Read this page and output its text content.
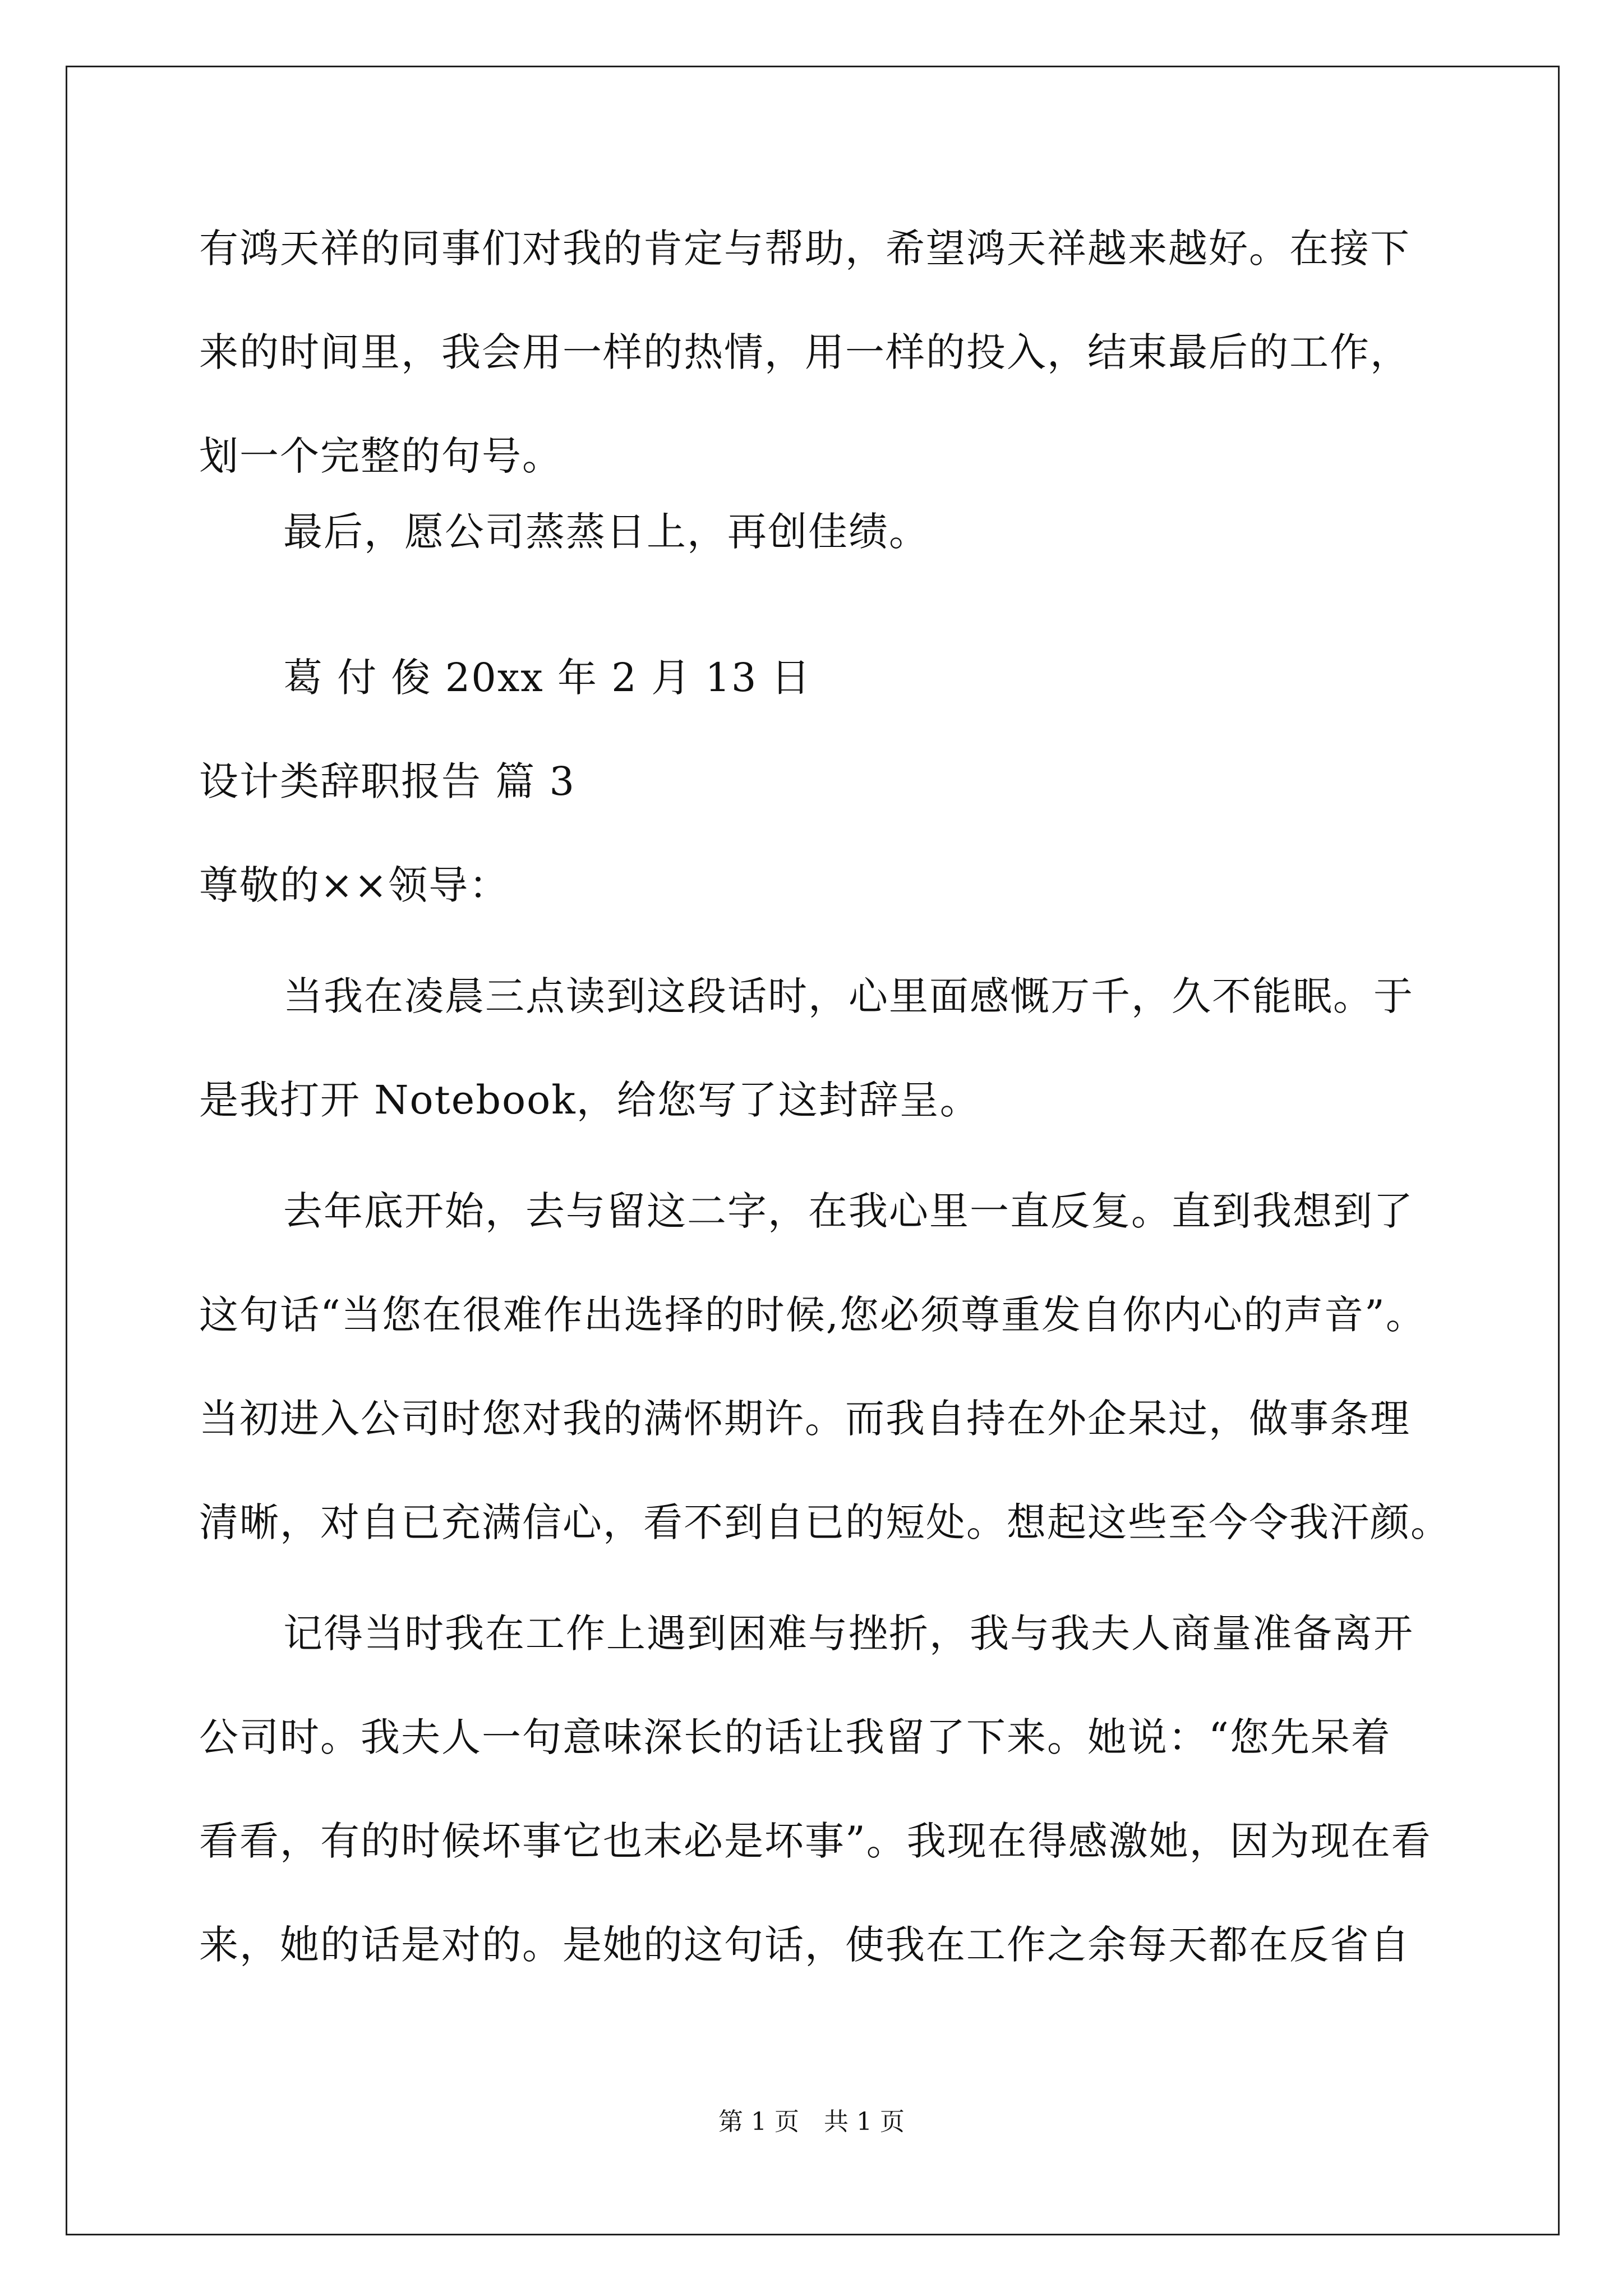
有鸿天祥的同事们对我的肯定与帮助，希望鸿天祥越来越好。在接下
来的时间里，我会用一样的热情，用一样的投入，结束最后的工作，
划一个完整的句号。
最后，愿公司蒸蒸日上，再创佳绩。
葛 付 俊 20xx 年 2 月 13 日
设计类辞职报告 篇 3
尊敬的××领导：
当我在凌晨三点读到这段话时，心里面感慨万千，久不能眠。于
是我打开 Notebook，给您写了这封辞呈。
去年底开始，去与留这二字，在我心里一直反复。直到我想到了
这句话“当您在很难作出选择的时候,您必须尊重发自你内心的声音”。
当初进入公司时您对我的满怀期许。而我自持在外企呆过，做事条理
清晰，对自已充满信心，看不到自已的短处。想起这些至今令我汗颜。
记得当时我在工作上遇到困难与挫折，我与我夫人商量准备离开
公司时。我夫人一句意味深长的话让我留了下来。她说：“您先呆着
看看，有的时候坏事它也末必是坏事”。我现在得感激她，因为现在看
来，她的话是对的。是她的这句话，使我在工作之余每天都在反省自
第 1 页　共 1 页
